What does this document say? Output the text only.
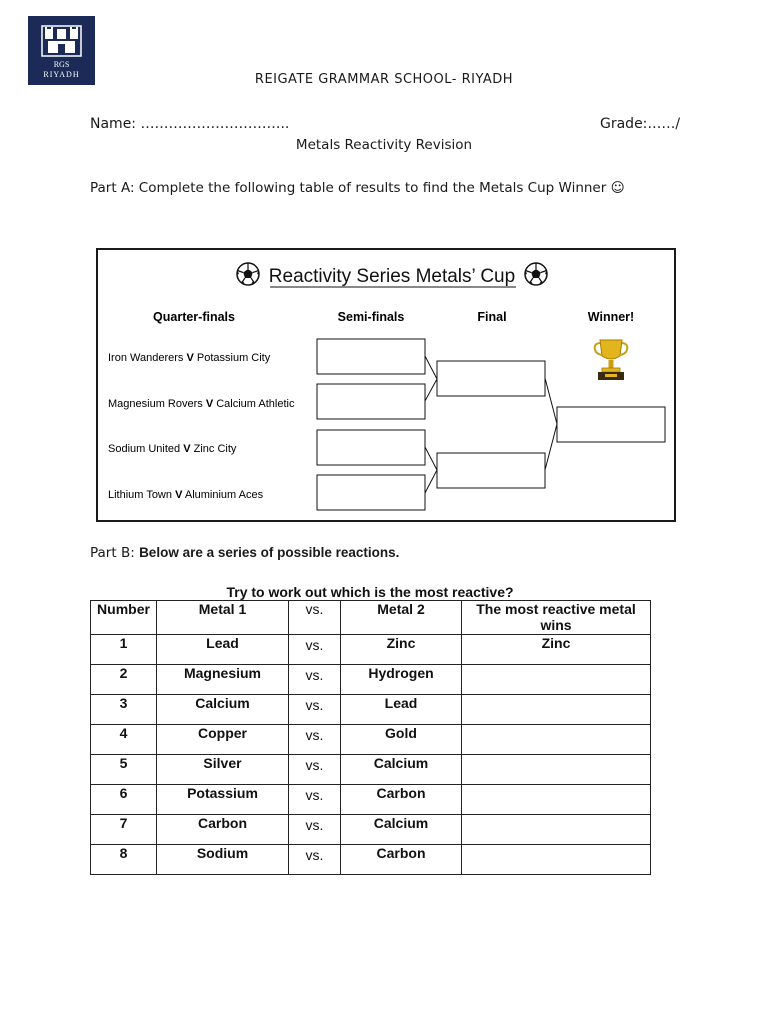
RGS
RIYADH	REIGATE GRAMMAR SCHOOL- RIYADH
Name: …………………………..	Grade:……/
Metals Reactivity Revision
Part A: Complete the following table of results to find the Metals Cup Winner ☺
Reactivity Series Metals’ Cup
Quarter-finals	Semi-finals	Final	Winner!
Iron Wanderers V Potassium City
Magnesium Rovers V Calcium Athletic
Sodium United V Zinc City
Lithium Town V Aluminium Aces
Part B: Below are a series of possible reactions.
Try to work out which is the most reactive?
Number	Metal 1	vs.	Metal 2	The most reactive metal wins
1	Lead	vs.	Zinc	Zinc
2	Magnesium	vs.	Hydrogen	
3	Calcium	vs.	Lead	
4	Copper	vs.	Gold	
5	Silver	vs.	Calcium	
6	Potassium	vs.	Carbon	
7	Carbon	vs.	Calcium	
8	Sodium	vs.	Carbon	
